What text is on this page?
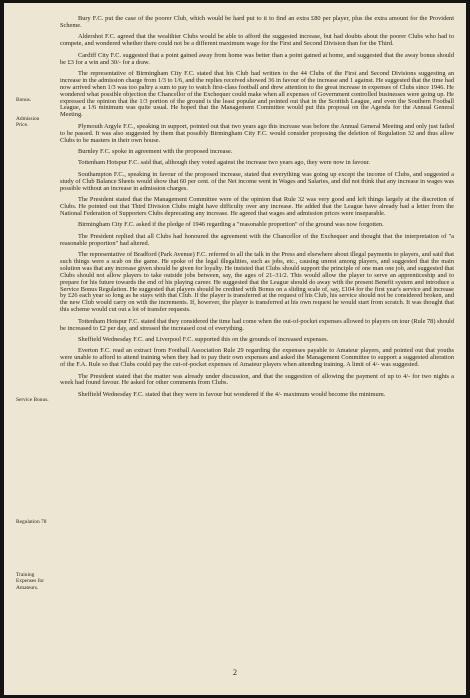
Bonus.
Admission Price.
Service Bonus.
Regulation 78
Training Expenses for Amateurs.

Bury F.C. put the case of the poorer Club, which would be hard put to it to find an extra £80 per player, plus the extra amount for the Provident Scheme.

Aldershot F.C. agreed that the wealthier Clubs would be able to afford the suggested increase, but had doubts about the poorer Clubs who had to compete, and wondered whether there could not be a different maximum wage for the First and Second Division than for the Third.

Cardiff City F.C. suggested that a point gained away from home was better than a point gained at home, and suggested that the away bonus should be £3 for a win and 30/- for a draw.

The representative of Birmingham City F.C. stated that his Club had written to the 44 Clubs of the First and Second Divisions suggesting an increase in the admission charge from 1/3 to 1/6, and the replies received showed 36 in favour of the increase and 1 against. He suggested that the time had now arrived when 1/3 was too paltry a sum to pay to watch first-class football and drew attention to the great increase in expenses of Clubs since 1946. He wondered what possible objection the Chancellor of the Exchequer could make when all expenses of Government controlled businesses were going up. He expressed the opinion that the 1/3 portion of the ground is the least popular and pointed out that in the Scottish League, and even the Southern Football League, a 1/6 minimum was quite usual. He hoped that the Management Committee would put this proposal on the Agenda for the Annual General Meeting.

Plymouth Argyle F.C., speaking in support, pointed out that two years ago this increase was before the Annual General Meeting and only just failed to be passed. It was also suggested by them that possibly Birmingham City F.C. would consider proposing the deletion of Regulation 32 and thus allow Clubs to be masters in their own house.

Burnley F.C. spoke in agreement with the proposed increase.

Tottenham Hotspur F.C. said that, although they voted against the increase two years ago, they were now in favour.

Southampton F.C., speaking in favour of the proposed increase, stated that everything was going up except the income of Clubs, and suggested a study of Club Balance Sheets would show that 60 per cent. of the Net income went in Wages and Salaries, and did not think that any increase in wages was possible without an increase in admission charges.

The President stated that the Management Committee were of the opinion that Rule 32 was very good and left things largely at the discretion of Clubs. He pointed out that Third Division Clubs might have difficulty over any increase. He added that the League have already had a letter from the National Federation of Supporters Clubs deprecating any increase. He agreed that wages and admission prices were inseparable.

Birmingham City F.C. asked if the pledge of 1946 regarding a "reasonable proportion" of the ground was now forgotten.

The President replied that all Clubs had honoured the agreement with the Chancellor of the Exchequer and thought that the interpretation of "a reasonable proportion" had altered.

The representative of Bradford (Park Avenue) F.C. referred to all the talk in the Press and elsewhere about illegal payments to players, and said that such things were a scab on the game. He spoke of the legal illegalities, such as jobs, etc., causing unrest among players, and suggested that the main solution was that any increase given should be given for loyalty. He insisted that Clubs should support the principle of one man one job, and suggested that Clubs should not allow players to take outside jobs between, say, the ages of 21–31/2. This would allow the player to serve an apprenticeship and to prepare for his future towards the end of his playing career. He suggested that the League should do away with the present Benefit system and introduce a Service Bonus Regulation. He suggested that players should be credited with Bonus on a sliding scale of, say, £104 for the first year's service and increase by £26 each year so long as he stays with that Club. If the player is transferred at the request of his Club, his service should not be considered broken, and the new Club would carry on with the increments. If, however, the player is transferred at his own request he would start from scratch. It was thought that this scheme would cut out a lot of transfer requests.

Tottenham Hotspur F.C. stated that they considered the time had come when the out-of-pocket expenses allowed to players on tour (Rule 78) should be increased to £2 per day, and stressed the increased cost of everything.

Sheffield Wednesday F.C. and Liverpool F.C. supported this on the grounds of increased expenses.

Everton F.C. read an extract from Football Association Rule 29 regarding the expenses payable to Amateur players, and pointed out that youths were unable to afford to attend training when they had to pay their own expenses and asked the Management Committee to support a suggested alteration of the F.A. Rule so that Clubs could pay the cut-of-pocket expenses of Amateur players when attending training. A limit of 4/- was suggested.

The President stated that the matter was already under discussion, and that the suggestion of allowing the payment of up to 4/- for two nights a week had found favour. He asked for other comments from Clubs.

Sheffield Wednesday F.C. stated that they were in favour but wondered if the 4/- maximum would become the minimum.

2
